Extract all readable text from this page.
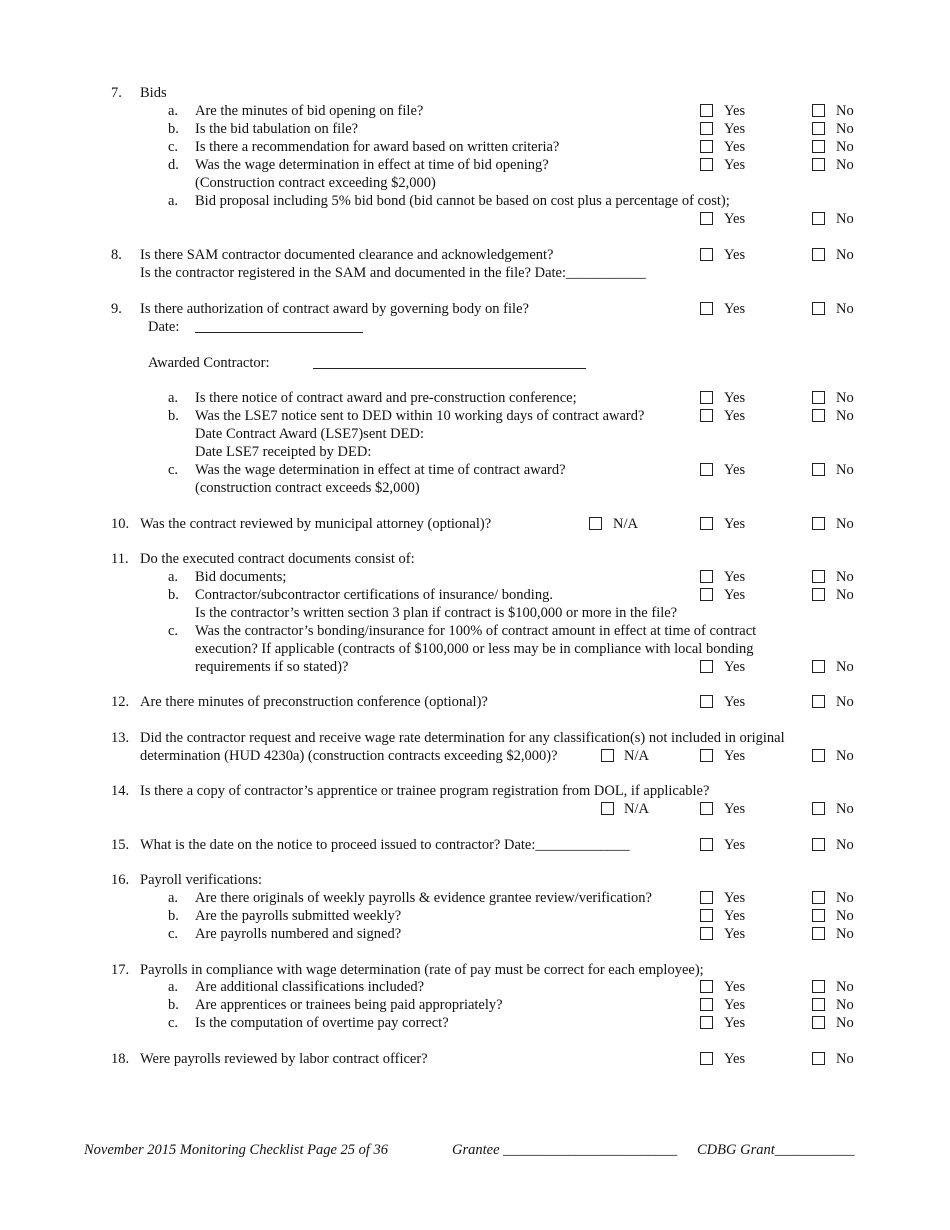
7. Bids
a. Are the minutes of bid opening on file?	Yes	No
b. Is the bid tabulation on file?	Yes	No
c. Is there a recommendation for award based on written criteria?	Yes	No
d. Was the wage determination in effect at time of bid opening?	Yes	No
(Construction contract exceeding $2,000)
a. Bid proposal including 5% bid bond (bid cannot be based on cost plus a percentage of cost);
Yes	No
8. Is there SAM contractor documented clearance and acknowledgement?	Yes	No
Is the contractor registered in the SAM and documented in the file? Date:___________
9. Is there authorization of contract award by governing body on file?	Yes	No
Date:
Awarded Contractor:
a. Is there notice of contract award and pre-construction conference;	Yes	No
b. Was the LSE7 notice sent to DED within 10 working days of contract award?	Yes	No
Date Contract Award (LSE7)sent DED:
Date LSE7 receipted by DED:
c. Was the wage determination in effect at time of contract award?	Yes	No
(construction contract exceeds $2,000)
10. Was the contract reviewed by municipal attorney (optional)?	N/A	Yes	No
11. Do the executed contract documents consist of:
a. Bid documents;	Yes	No
b. Contractor/subcontractor certifications of insurance/ bonding.	Yes	No
Is the contractor’s written section 3 plan if contract is $100,000 or more in the file?
c. Was the contractor’s bonding/insurance for 100% of contract amount in effect at time of contract
execution? If applicable (contracts of $100,000 or less may be in compliance with local bonding
requirements if so stated)?	Yes	No
12. Are there minutes of preconstruction conference (optional)?	Yes	No
13. Did the contractor request and receive wage rate determination for any classification(s) not included in original
determination (HUD 4230a) (construction contracts exceeding $2,000)?	N/A	Yes	No
14. Is there a copy of contractor’s apprentice or trainee program registration from DOL, if applicable?
N/A	Yes	No
15. What is the date on the notice to proceed issued to contractor? Date:_____________	Yes	No
16. Payroll verifications:
a. Are there originals of weekly payrolls & evidence grantee review/verification?	Yes	No
b. Are the payrolls submitted weekly?	Yes	No
c. Are payrolls numbered and signed?	Yes	No
17. Payrolls in compliance with wage determination (rate of pay must be correct for each employee);
a. Are additional classifications included?	Yes	No
b. Are apprentices or trainees being paid appropriately?	Yes	No
c. Is the computation of overtime pay correct?	Yes	No
18. Were payrolls reviewed by labor contract officer?	Yes	No
November 2015 Monitoring Checklist Page 25 of 36	Grantee ________________________ CDBG Grant___________
